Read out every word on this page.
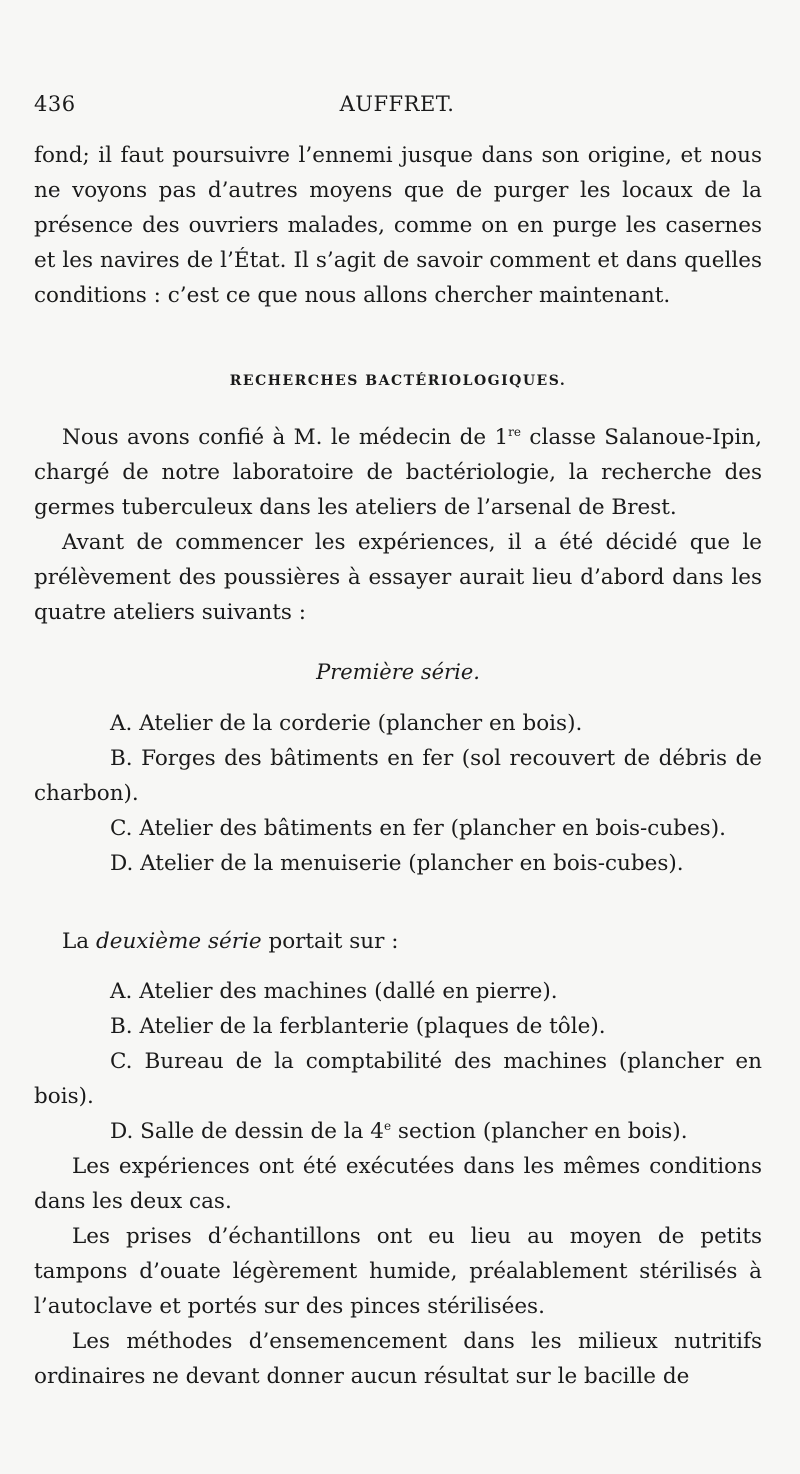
436	AUFFRET.

fond; il faut poursuivre l’ennemi jusque dans son origine, et nous ne voyons pas d’autres moyens que de purger les locaux de la présence des ouvriers malades, comme on en purge les casernes et les navires de l’État. Il s’agit de savoir comment et dans quelles conditions : c’est ce que nous allons chercher maintenant.

RECHERCHES BACTÉRIOLOGIQUES.

Nous avons confié à M. le médecin de 1re classe Salanoue-Ipin, chargé de notre laboratoire de bactériologie, la recherche des germes tuberculeux dans les ateliers de l’arsenal de Brest.

Avant de commencer les expériences, il a été décidé que le prélèvement des poussières à essayer aurait lieu d’abord dans les quatre ateliers suivants :

Première série.

A. Atelier de la corderie (plancher en bois).

B. Forges des bâtiments en fer (sol recouvert de débris de charbon).

C. Atelier des bâtiments en fer (plancher en bois-cubes).

D. Atelier de la menuiserie (plancher en bois-cubes).

La deuxième série portait sur :

A. Atelier des machines (dallé en pierre).

B. Atelier de la ferblanterie (plaques de tôle).

C. Bureau de la comptabilité des machines (plancher en bois).

D. Salle de dessin de la 4e section (plancher en bois).

Les expériences ont été exécutées dans les mêmes conditions dans les deux cas.

Les prises d’échantillons ont eu lieu au moyen de petits tampons d’ouate légèrement humide, préalablement stérilisés à l’autoclave et portés sur des pinces stérilisées.

Les méthodes d’ensemencement dans les milieux nutritifs ordinaires ne devant donner aucun résultat sur le bacille de
